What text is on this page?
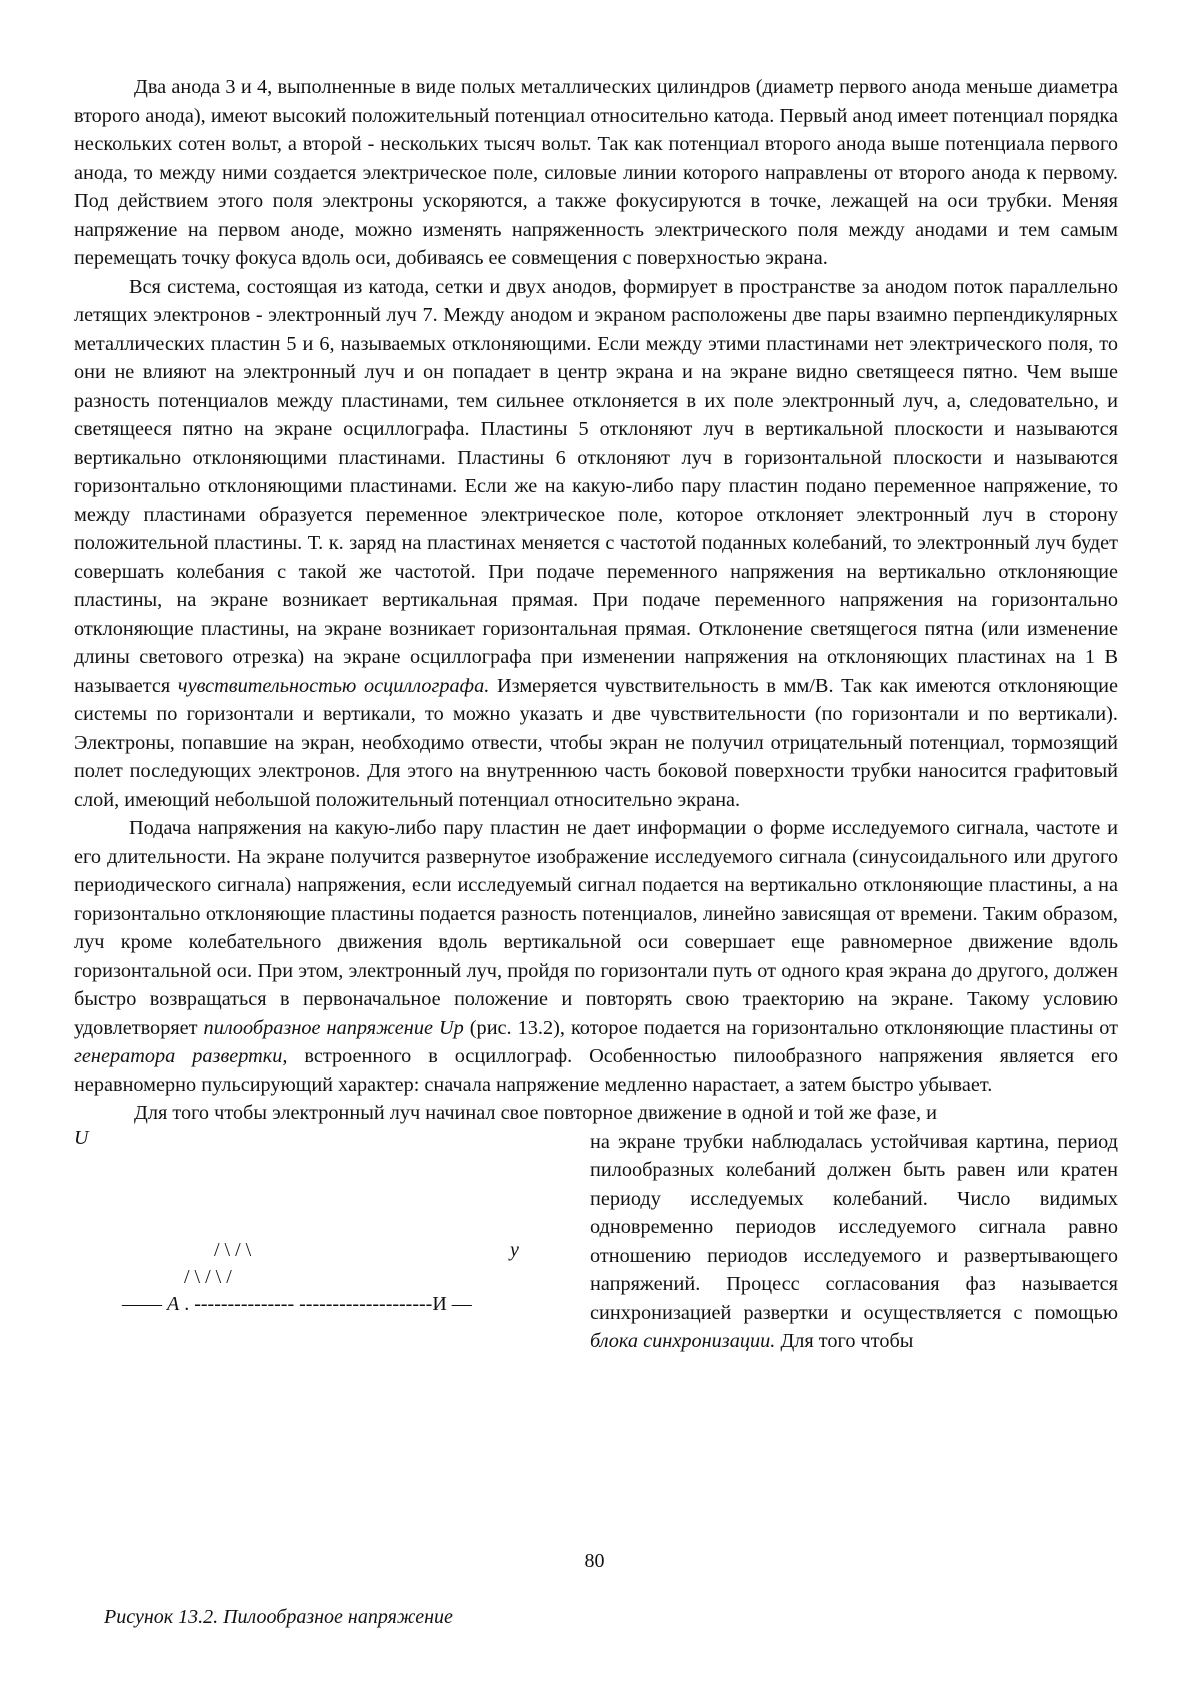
Два анода 3 и 4, выполненные в виде полых металлических цилиндров (диаметр первого анода меньше диаметра второго анода), имеют высокий положительный потенциал относительно катода. Первый анод имеет потенциал порядка нескольких сотен вольт, а второй - нескольких тысяч вольт. Так как потенциал второго анода выше потенциала первого анода, то между ними создается электрическое поле, силовые линии которого направлены от второго анода к первому. Под действием этого поля электроны ускоряются, а также фокусируются в точке, лежащей на оси трубки. Меняя напряжение на первом аноде, можно изменять напряженность электрического поля между анодами и тем самым перемещать точку фокуса вдоль оси, добиваясь ее совмещения с поверхностью экрана.

Вся система, состоящая из катода, сетки и двух анодов, формирует в пространстве за анодом поток параллельно летящих электронов - электронный луч 7. Между анодом и экраном расположены две пары взаимно перпендикулярных металлических пластин 5 и 6, называемых отклоняющими. Если между этими пластинами нет электрического поля, то они не влияют на электронный луч и он попадает в центр экрана и на экране видно светящееся пятно. Чем выше разность потенциалов между пластинами, тем сильнее отклоняется в их поле электронный луч, а, следовательно, и светящееся пятно на экране осциллографа. Пластины 5 отклоняют луч в вертикальной плоскости и называются вертикально отклоняющими пластинами. Пластины 6 отклоняют луч в горизонтальной плоскости и называются горизонтально отклоняющими пластинами. Если же на какую-либо пару пластин подано переменное напряжение, то между пластинами образуется переменное электрическое поле, которое отклоняет электронный луч в сторону положительной пластины. Т. к. заряд на пластинах меняется с частотой поданных колебаний, то электронный луч будет совершать колебания с такой же частотой. При подаче переменного напряжения на вертикально отклоняющие пластины, на экране возникает вертикальная прямая. При подаче переменного напряжения на горизонтально отклоняющие пластины, на экране возникает горизонтальная прямая. Отклонение светящегося пятна (или изменение длины светового отрезка) на экране осциллографа при изменении напряжения на отклоняющих пластинах на 1 В называется чувствительностью осциллографа. Измеряется чувствительность в мм/В. Так как имеются отклоняющие системы по горизонтали и вертикали, то можно указать и две чувствительности (по горизонтали и по вертикали). Электроны, попавшие на экран, необходимо отвести, чтобы экран не получил отрицательный потенциал, тормозящий полет последующих электронов. Для этого на внутреннюю часть боковой поверхности трубки наносится графитовый слой, имеющий небольшой положительный потенциал относительно экрана.

Подача напряжения на какую-либо пару пластин не дает информации о форме исследуемого сигнала, частоте и его длительности. На экране получится развернутое изображение исследуемого сигнала (синусоидального или другого периодического сигнала) напряжения, если исследуемый сигнал подается на вертикально отклоняющие пластины, а на горизонтально отклоняющие пластины подается разность потенциалов, линейно зависящая от времени. Таким образом, луч кроме колебательного движения вдоль вертикальной оси совершает еще равномерное движение вдоль горизонтальной оси. При этом, электронный луч, пройдя по горизонтали путь от одного края экрана до другого, должен быстро возвращаться в первоначальное положение и повторять свою траекторию на экране. Такому условию удовлетворяет пилообразное напряжение Uр (рис. 13.2), которое подается на горизонтально отклоняющие пластины от генератора развертки, встроенного в осциллограф. Особенностью пилообразного напряжения является его неравномерно пульсирующий характер: сначала напряжение медленно нарастает, а затем быстро убывает.

Для того чтобы электронный луч начинал свое повторное движение в одной и той же фазе, и

U
/ \ / \	у
/ \ / \ /
—— А . --------------- --------------------И —

на экране трубки наблюдалась устойчивая картина, период пилообразных колебаний должен быть равен или кратен периоду исследуемых колебаний. Число видимых одновременно периодов исследуемого сигнала равно отношению периодов исследуемого и развертывающего напряжений. Процесс согласования фаз называется синхронизацией развертки и осуществляется с помощью блока синхронизации. Для того чтобы

80
Рисунок 13.2. Пилообразное напряжение
